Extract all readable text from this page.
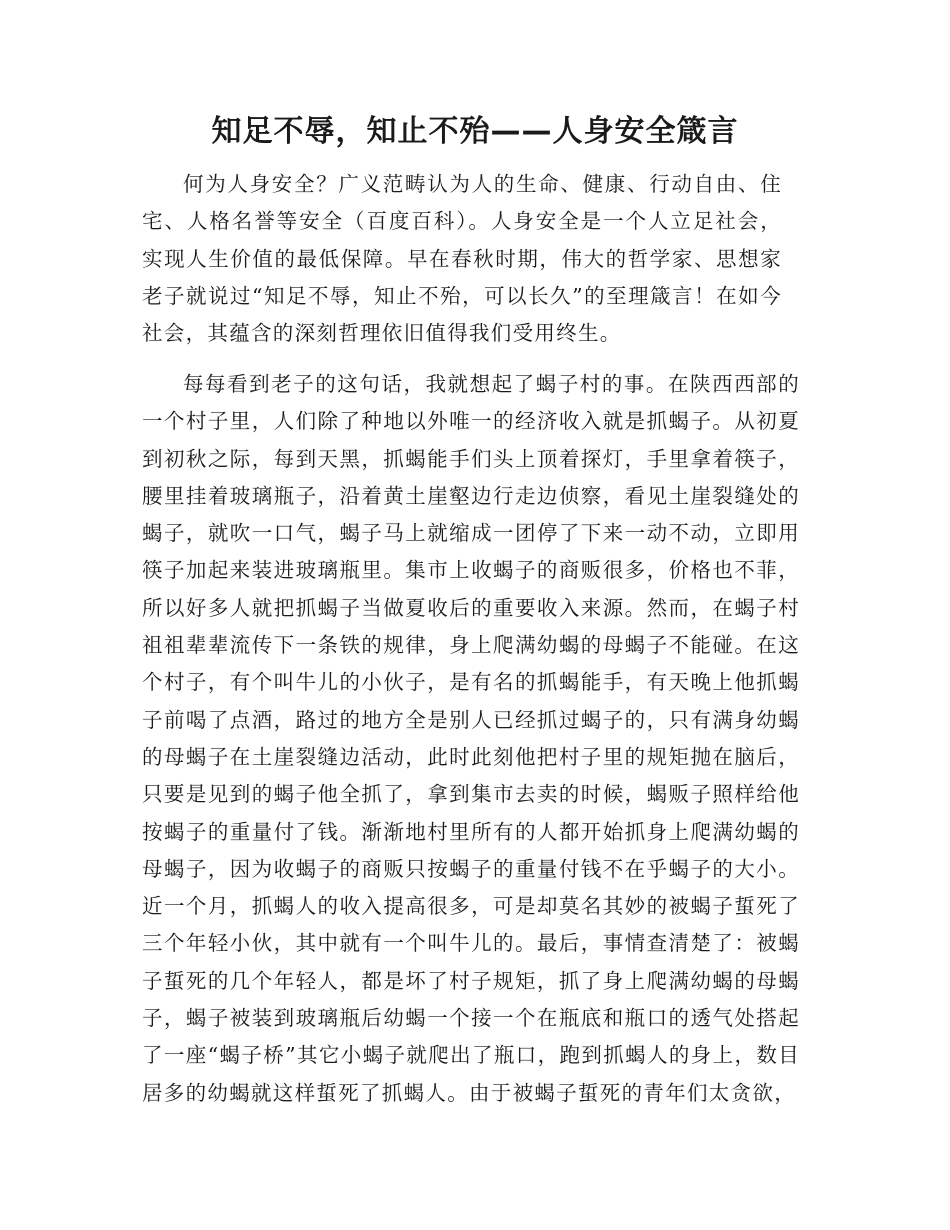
知足不辱，知止不殆——人身安全箴言

何为人身安全？广义范畴认为人的生命、健康、行动自由、住宅、人格名誉等安全（百度百科）。人身安全是一个人立足社会，实现人生价值的最低保障。早在春秋时期，伟大的哲学家、思想家老子就说过“知足不辱，知止不殆，可以长久”的至理箴言！在如今社会，其蕴含的深刻哲理依旧值得我们受用终生。

每每看到老子的这句话，我就想起了蝎子村的事。在陕西西部的一个村子里，人们除了种地以外唯一的经济收入就是抓蝎子。从初夏到初秋之际，每到天黑，抓蝎能手们头上顶着探灯，手里拿着筷子，腰里挂着玻璃瓶子，沿着黄土崖壑边行走边侦察，看见土崖裂缝处的蝎子，就吹一口气，蝎子马上就缩成一团停了下来一动不动，立即用筷子加起来装进玻璃瓶里。集市上收蝎子的商贩很多，价格也不菲，所以好多人就把抓蝎子当做夏收后的重要收入来源。然而，在蝎子村祖祖辈辈流传下一条铁的规律，身上爬满幼蝎的母蝎子不能碰。在这个村子，有个叫牛儿的小伙子，是有名的抓蝎能手，有天晚上他抓蝎子前喝了点酒，路过的地方全是别人已经抓过蝎子的，只有满身幼蝎的母蝎子在土崖裂缝边活动，此时此刻他把村子里的规矩抛在脑后，只要是见到的蝎子他全抓了，拿到集市去卖的时候，蝎贩子照样给他按蝎子的重量付了钱。渐渐地村里所有的人都开始抓身上爬满幼蝎的母蝎子，因为收蝎子的商贩只按蝎子的重量付钱不在乎蝎子的大小。近一个月，抓蝎人的收入提高很多，可是却莫名其妙的被蝎子蜇死了三个年轻小伙，其中就有一个叫牛儿的。最后，事情查清楚了：被蝎子蜇死的几个年轻人，都是坏了村子规矩，抓了身上爬满幼蝎的母蝎子，蝎子被装到玻璃瓶后幼蝎一个接一个在瓶底和瓶口的透气处搭起了一座“蝎子桥”其它小蝎子就爬出了瓶口，跑到抓蝎人的身上，数目居多的幼蝎就这样蜇死了抓蝎人。由于被蝎子蜇死的青年们太贪欲，
